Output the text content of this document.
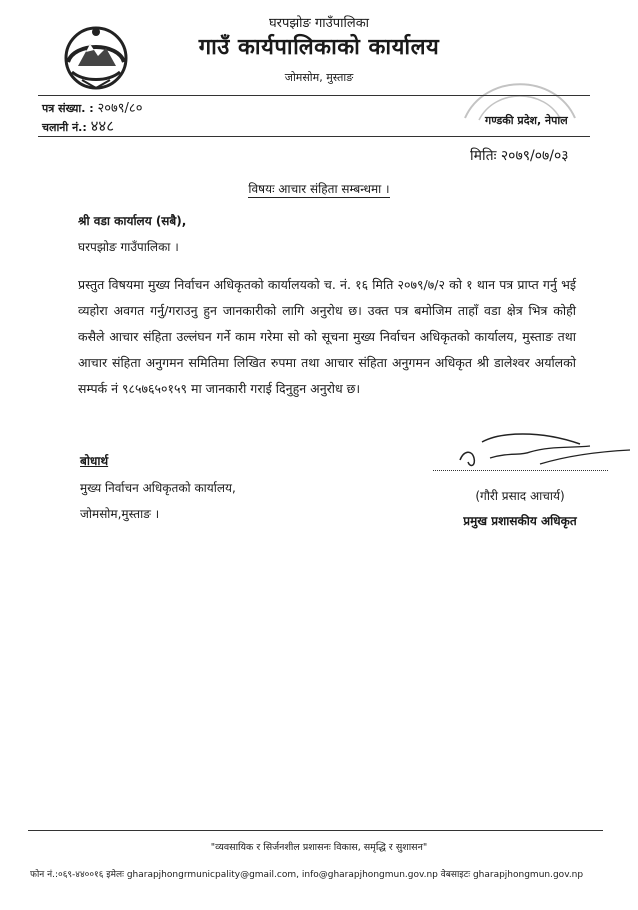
घरपझोङ गाउँपालिका
गाउँ कार्यपालिकाको कार्यालय
जोमसोम, मुस्ताङ
पत्र संख्या. : २०७९/८०
चलानी नं.: ४४८	गण्डकी प्रदेश, नेपाल
मितिः २०७९/०७/०३
विषयः आचार संहिता सम्बन्धमा ।
श्री वडा कार्यालय (सबै),
घरपझोङ गाउँपालिका ।
प्रस्तुत विषयमा मुख्य निर्वाचन अधिकृतको कार्यालयको च. नं. १६ मिति २०७९/७/२ को १ थान पत्र प्राप्त गर्नु भई व्यहोरा अवगत गर्नु/गराउनु हुन जानकारीको लागि अनुरोध छ। उक्त पत्र बमोजिम ताहाँ वडा क्षेत्र भित्र कोही कसैले आचार संहिता उल्लंघन गर्ने काम गरेमा सो को सूचना मुख्य निर्वाचन अधिकृतको कार्यालय, मुस्ताङ तथा आचार संहिता अनुगमन समितिमा लिखित रुपमा तथा आचार संहिता अनुगमन अधिकृत श्री डालेश्वर अर्यालको सम्पर्क नं ९८५७६५०१५९ मा जानकारी गराई दिनुहुन अनुरोध छ।
(गौरी प्रसाद आचार्य)
प्रमुख प्रशासकीय अधिकृत
बोधार्थ
मुख्य निर्वाचन अधिकृतको कार्यालय,
जोमसोम,मुस्ताङ ।
"व्यवसायिक र सिर्जनशील प्रशासनः विकास, समृद्धि र सुशासन"
फोन नं.:०६९-४४००१६ इमेलः gharapjhongrmunicpality@gmail.com, info@gharapjhongmun.gov.np वेबसाइटः gharapjhongmun.gov.np
